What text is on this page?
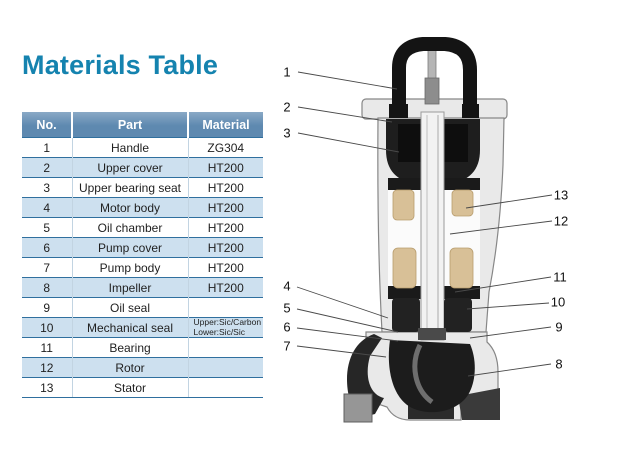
Materials Table
No.	Part	Material
1	Handle	ZG304
2	Upper cover	HT200
3	Upper bearing seat	HT200
4	Motor body	HT200
5	Oil chamber	HT200
6	Pump cover	HT200
7	Pump body	HT200
8	Impeller	HT200
9	Oil seal	
10	Mechanical seal	Upper:Sic/Carbon
Lower:Sic/Sic

11	Bearing	
12	Rotor	
13	Stator	
1
2
3
4
5
6
7
8
9
10
11
12
13
